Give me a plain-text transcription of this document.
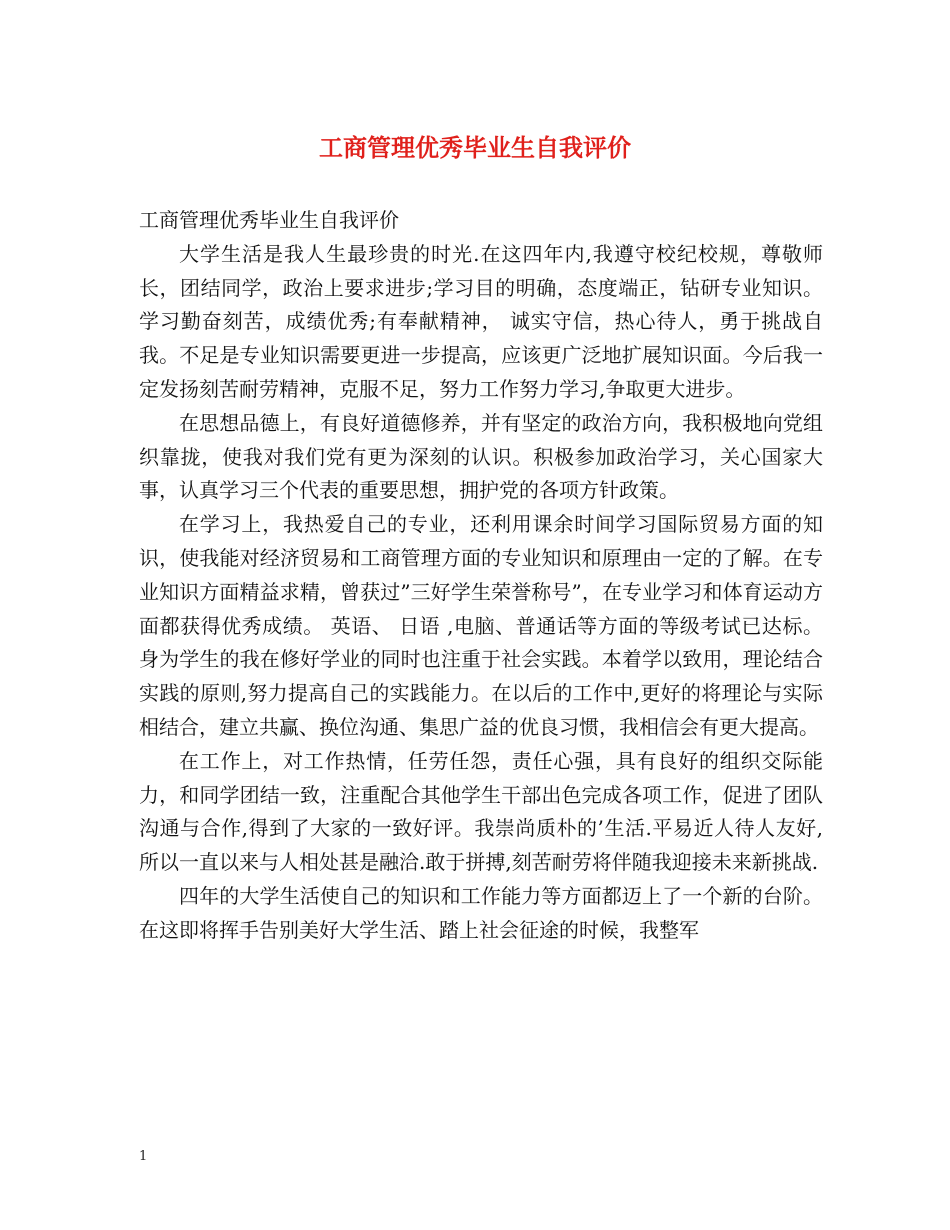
工商管理优秀毕业生自我评价

工商管理优秀毕业生自我评价

大学生活是我人生最珍贵的时光.在这四年内,我遵守校纪校规，尊敬师长，团结同学，政治上要求进步;学习目的明确，态度端正，钻研专业知识。学习勤奋刻苦，成绩优秀;有奉献精神， 诚实守信，热心待人，勇于挑战自我。不足是专业知识需要更进一步提高，应该更广泛地扩展知识面。今后我一定发扬刻苦耐劳精神，克服不足，努力工作努力学习,争取更大进步。

在思想品德上，有良好道德修养，并有坚定的政治方向，我积极地向党组织靠拢，使我对我们党有更为深刻的认识。积极参加政治学习，关心国家大事，认真学习三个代表的重要思想，拥护党的各项方针政策。

在学习上，我热爱自己的专业，还利用课余时间学习国际贸易方面的知识，使我能对经济贸易和工商管理方面的专业知识和原理由一定的了解。在专业知识方面精益求精，曾获过”三好学生荣誉称号”，在专业学习和体育运动方面都获得优秀成绩。 英语、 日语 ,电脑、普通话等方面的等级考试已达标。身为学生的我在修好学业的同时也注重于社会实践。本着学以致用，理论结合实践的原则,努力提高自己的实践能力。在以后的工作中,更好的将理论与实际相结合，建立共赢、换位沟通、集思广益的优良习惯，我相信会有更大提高。

在工作上，对工作热情，任劳任怨，责任心强，具有良好的组织交际能力，和同学团结一致，注重配合其他学生干部出色完成各项工作，促进了团队沟通与合作,得到了大家的一致好评。我崇尚质朴的’生活.平易近人待人友好,所以一直以来与人相处甚是融洽.敢于拼搏,刻苦耐劳将伴随我迎接未来新挑战.

四年的大学生活使自己的知识和工作能力等方面都迈上了一个新的台阶。在这即将挥手告别美好大学生活、踏上社会征途的时候，我整军

1
